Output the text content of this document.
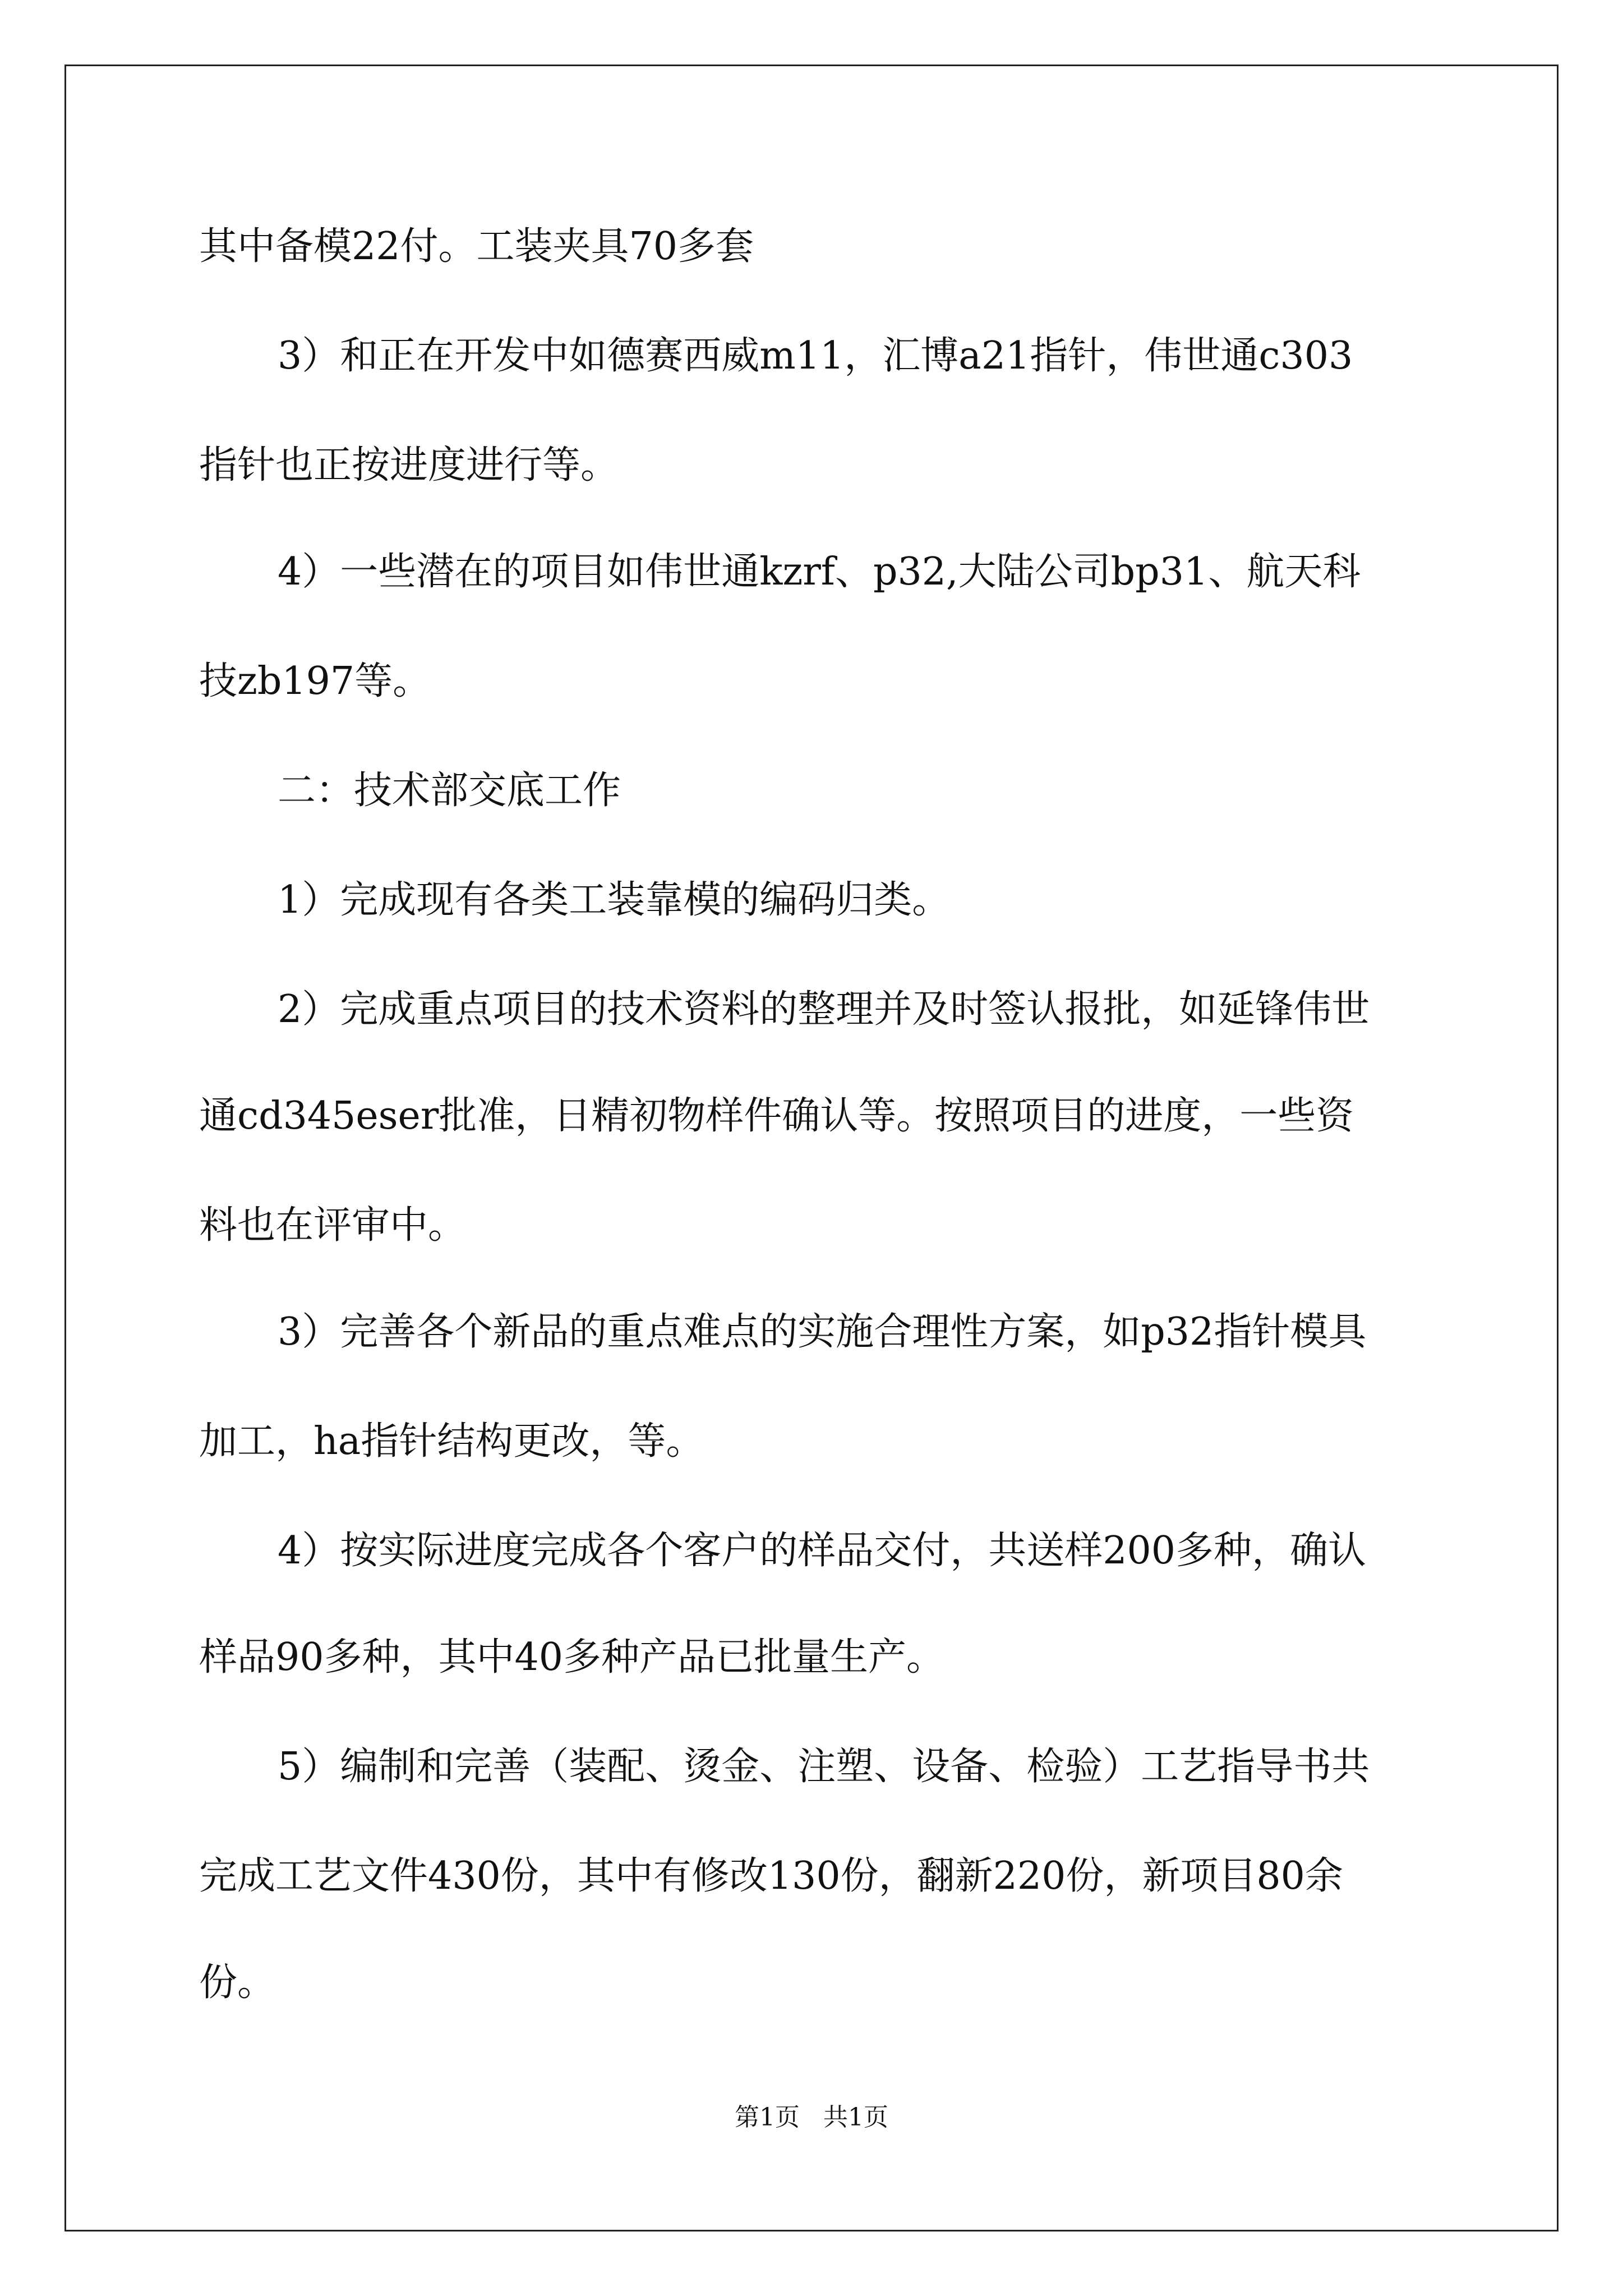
其中备模22付。工装夹具70多套
3）和正在开发中如德赛西威m11，汇博a21指针，伟世通c303
指针也正按进度进行等。
4）一些潜在的项目如伟世通kzrf、p32,大陆公司bp31、航天科
技zb197等。
二：技术部交底工作
1）完成现有各类工装靠模的编码归类。
2）完成重点项目的技术资料的整理并及时签认报批，如延锋伟世
通cd345eser批准，日精初物样件确认等。按照项目的进度，一些资
料也在评审中。
3）完善各个新品的重点难点的实施合理性方案，如p32指针模具
加工，ha指针结构更改，等。
4）按实际进度完成各个客户的样品交付，共送样200多种，确认
样品90多种，其中40多种产品已批量生产。
5）编制和完善（装配、烫金、注塑、设备、检验）工艺指导书共
完成工艺文件430份，其中有修改130份，翻新220份，新项目80余
份。
第1页   共1页
